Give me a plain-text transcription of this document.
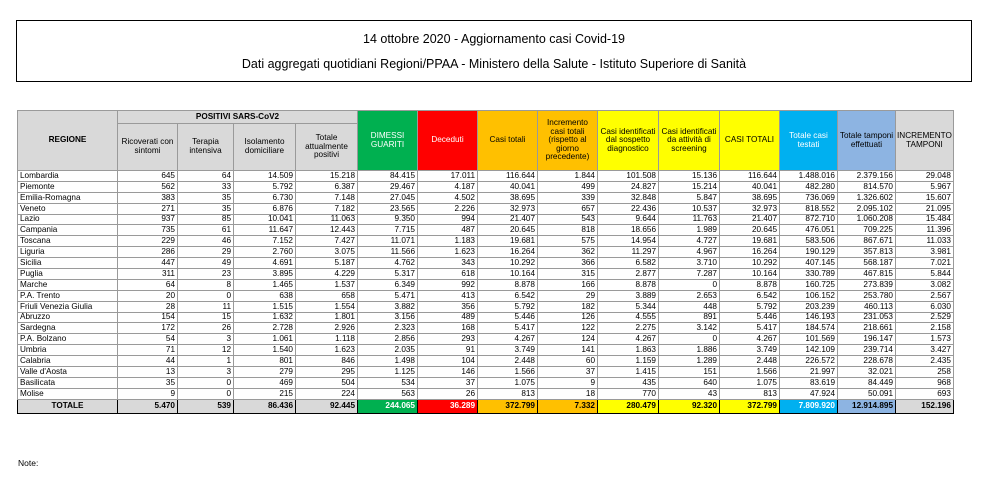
14 ottobre 2020 - Aggiornamento casi Covid-19
Dati aggregati quotidiani Regioni/PPAA - Ministero della Salute - Istituto Superiore di Sanità
REGIONE	POSITIVI SARS-CoV2				DIMESSI GUARITI	Deceduti	Casi totali	Incremento casi totali (rispetto al giorno precedente)	Casi identificati dal sospetto diagnostico	Casi identificati da attività di screening	CASI TOTALI	Totale casi testati	Totale tamponi effettuati	INCREMENTO TAMPONI
	Ricoverati con sintomi	Terapia intensiva	Isolamento domiciliare	Totale attualmente positivi										
Lombardia	645	64	14.509	15.218	84.415	17.011	116.644	1.844	101.508	15.136	116.644	1.488.016	2.379.156	29.048
Piemonte	562	33	5.792	6.387	29.467	4.187	40.041	499	24.827	15.214	40.041	482.280	814.570	5.967
Emilia-Romagna	383	35	6.730	7.148	27.045	4.502	38.695	339	32.848	5.847	38.695	736.069	1.326.602	15.607
Veneto	271	35	6.876	7.182	23.565	2.226	32.973	657	22.436	10.537	32.973	818.552	2.095.102	21.095
Lazio	937	85	10.041	11.063	9.350	994	21.407	543	9.644	11.763	21.407	872.710	1.060.208	15.484
Campania	735	61	11.647	12.443	7.715	487	20.645	818	18.656	1.989	20.645	476.051	709.225	11.396
Toscana	229	46	7.152	7.427	11.071	1.183	19.681	575	14.954	4.727	19.681	583.506	867.671	11.033
Liguria	286	29	2.760	3.075	11.566	1.623	16.264	362	11.297	4.967	16.264	190.129	357.813	3.981
Sicilia	447	49	4.691	5.187	4.762	343	10.292	366	6.582	3.710	10.292	407.145	568.187	7.021
Puglia	311	23	3.895	4.229	5.317	618	10.164	315	2.877	7.287	10.164	330.789	467.815	5.844
Marche	64	8	1.465	1.537	6.349	992	8.878	166	8.878	0	8.878	160.725	273.839	3.082
P.A. Trento	20	0	638	658	5.471	413	6.542	29	3.889	2.653	6.542	106.152	253.780	2.567
Friuli Venezia Giulia	28	11	1.515	1.554	3.882	356	5.792	182	5.344	448	5.792	203.239	460.113	6.030
Abruzzo	154	15	1.632	1.801	3.156	489	5.446	126	4.555	891	5.446	146.193	231.053	2.529
Sardegna	172	26	2.728	2.926	2.323	168	5.417	122	2.275	3.142	5.417	184.574	218.661	2.158
P.A. Bolzano	54	3	1.061	1.118	2.856	293	4.267	124	4.267	0	4.267	101.569	196.147	1.573
Umbria	71	12	1.540	1.623	2.035	91	3.749	141	1.863	1.886	3.749	142.109	239.714	3.427
Calabria	44	1	801	846	1.498	104	2.448	60	1.159	1.289	2.448	226.572	228.678	2.435
Valle d'Aosta	13	3	279	295	1.125	146	1.566	37	1.415	151	1.566	21.997	32.021	258
Basilicata	35	0	469	504	534	37	1.075	9	435	640	1.075	83.619	84.449	968
Molise	9	0	215	224	563	26	813	18	770	43	813	47.924	50.091	693
TOTALE	5.470	539	86.436	92.445	244.065	36.289	372.799	7.332	280.479	92.320	372.799	7.809.920	12.914.895	152.196
Note:
